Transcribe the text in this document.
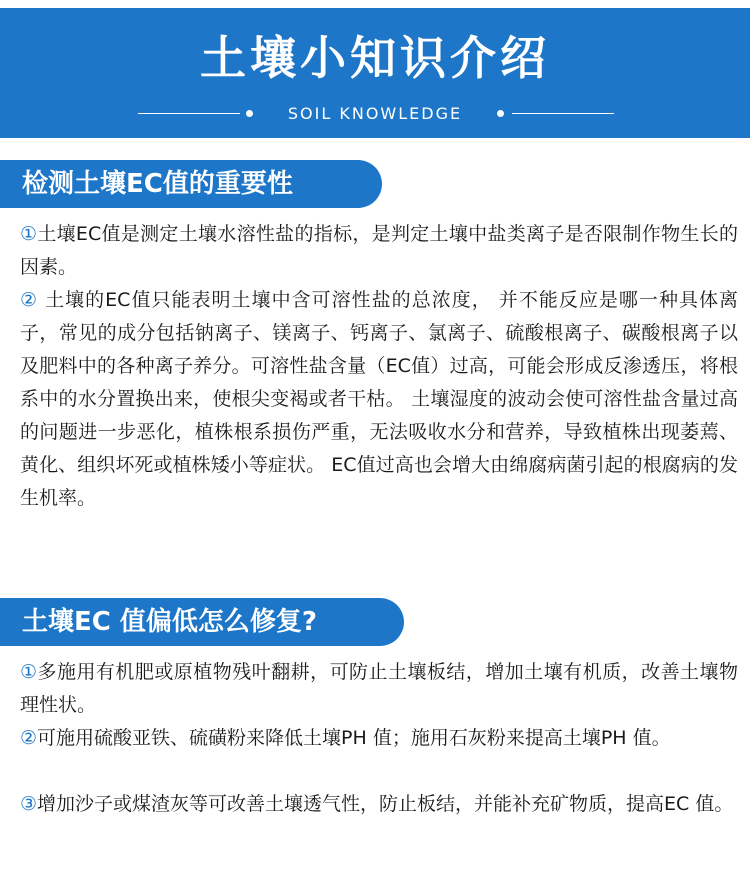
土壤小知识介绍
SOIL KNOWLEDGE
检测土壤EC值的重要性

①土壤EC值是测定土壤水溶性盐的指标，是判定土壤中盐类离子是否限制作物生长的因素。

② 土壤的EC值只能表明土壤中含可溶性盐的总浓度， 并不能反应是哪一种具体离子，常见的成分包括钠离子、镁离子、钙离子、氯离子、硫酸根离子、碳酸根离子以及肥料中的各种离子养分。可溶性盐含量（EC值）过高，可能会形成反渗透压，将根系中的水分置换出来，使根尖变褐或者干枯。 土壤湿度的波动会使可溶性盐含量过高的问题进一步恶化，植株根系损伤严重，无法吸收水分和营养，导致植株出现萎蔫、黄化、组织坏死或植株矮小等症状。 EC值过高也会增大由绵腐病菌引起的根腐病的发生机率。

土壤EC 值偏低怎么修复?

①多施用有机肥或原植物残叶翻耕，可防止土壤板结，增加土壤有机质，改善土壤物理性状。

②可施用硫酸亚铁、硫磺粉来降低土壤PH 值；施用石灰粉来提高土壤PH 值。

③增加沙子或煤渣灰等可改善土壤透气性，防止板结，并能补充矿物质，提高EC 值。
